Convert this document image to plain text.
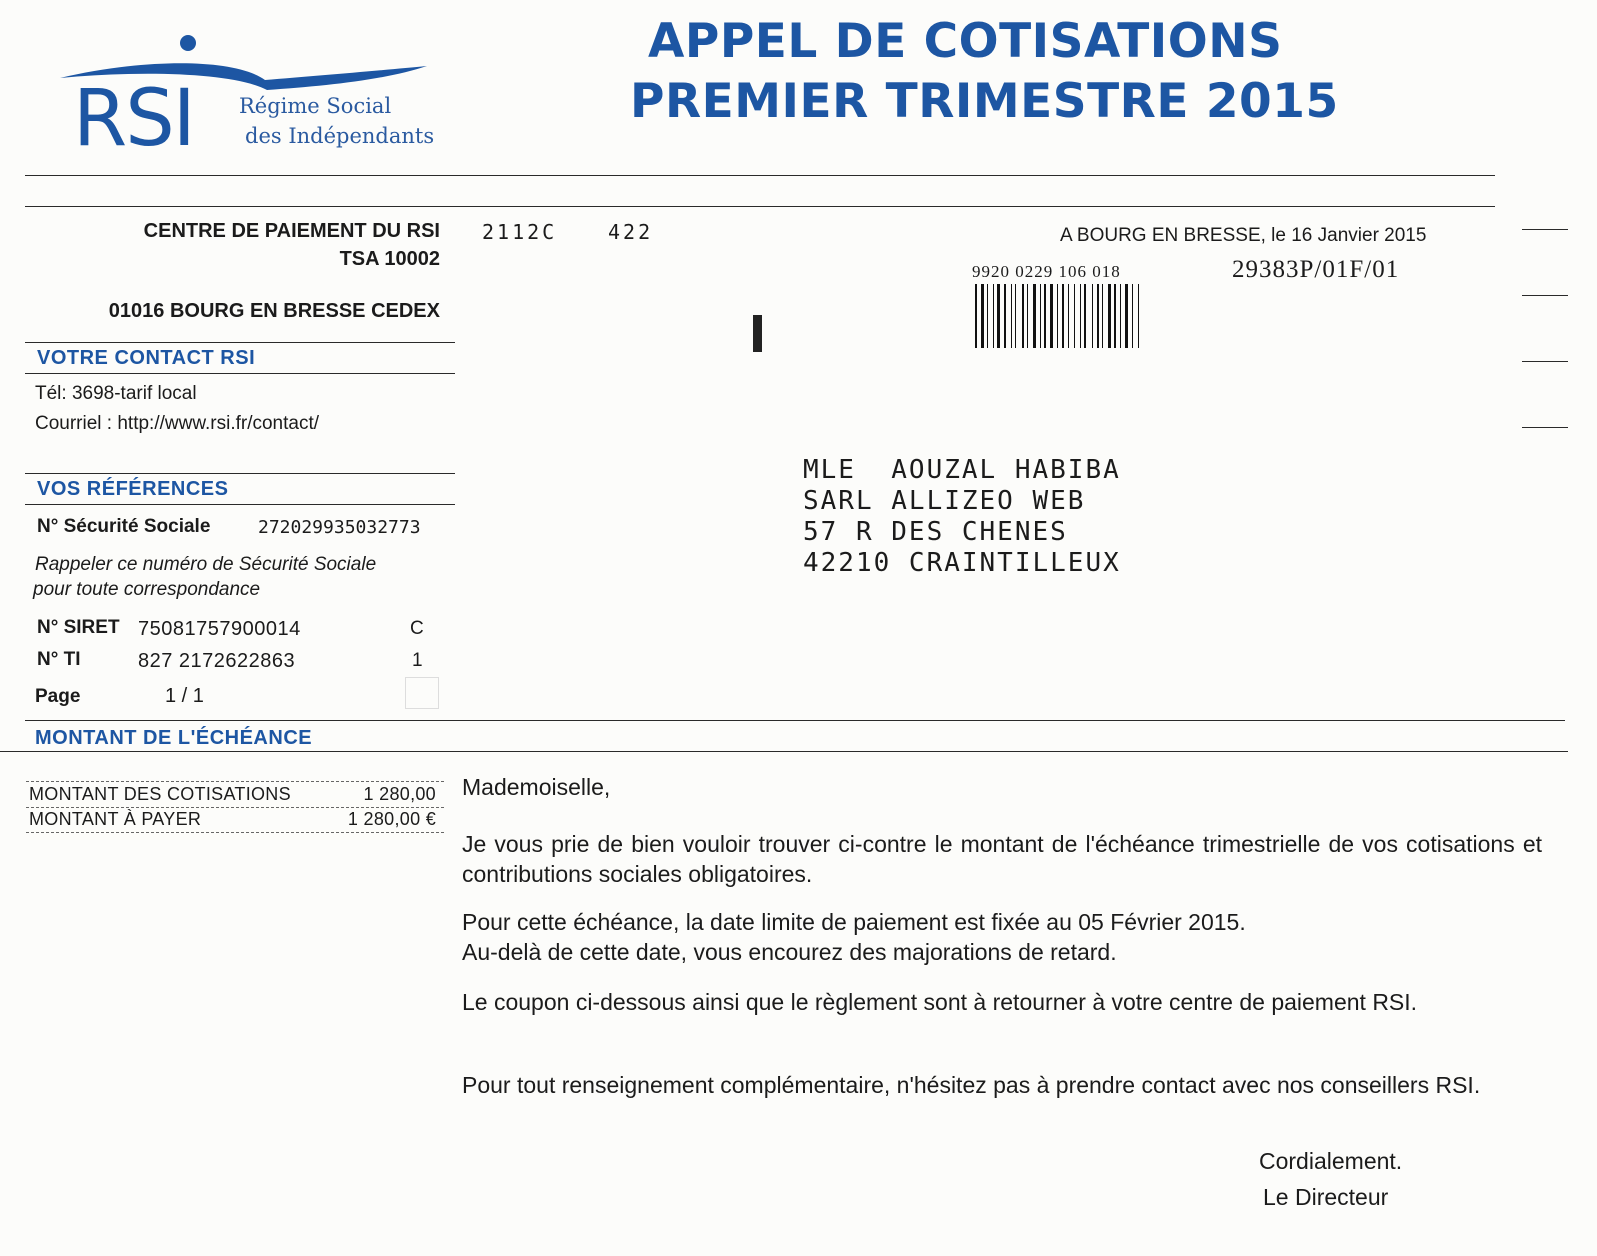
RSI Régime Social
des Indépendants
APPEL DE COTISATIONS
PREMIER TRIMESTRE 2015
CENTRE DE PAIEMENT DU RSI
TSA 10002
01016 BOURG EN BRESSE CEDEX
2112C	422	A BOURG EN BRESSE, le 16 Janvier 2015
9920 0229 106 018	29383P/01F/01
VOTRE CONTACT RSI
Tél: 3698-tarif local
Courriel : http://www.rsi.fr/contact/
VOS RÉFÉRENCES
N° Sécurité Sociale	272029935032773
Rappeler ce numéro de Sécurité Sociale
pour toute correspondance
N° SIRET 75081757900014	C
N° TI	827 2172622863	1
Page	1 / 1
MONTANT DE L'ÉCHÉANCE
MONTANT DES COTISATIONS	1 280,00
MONTANT À PAYER	1 280,00 €
MLE  AOUZAL HABIBA
SARL ALLIZEO WEB
57 R DES CHENES
42210 CRAINTILLEUX
Mademoiselle,
Je vous prie de bien vouloir trouver ci-contre le montant de l'échéance trimestrielle de vos cotisations et contributions sociales obligatoires.
Pour cette échéance, la date limite de paiement est fixée au 05 Février 2015.
Au-delà de cette date, vous encourez des majorations de retard.
Le coupon ci-dessous ainsi que le règlement sont à retourner à votre centre de paiement RSI.
Pour tout renseignement complémentaire, n'hésitez pas à prendre contact avec nos conseillers RSI.
Cordialement.
Le Directeur
